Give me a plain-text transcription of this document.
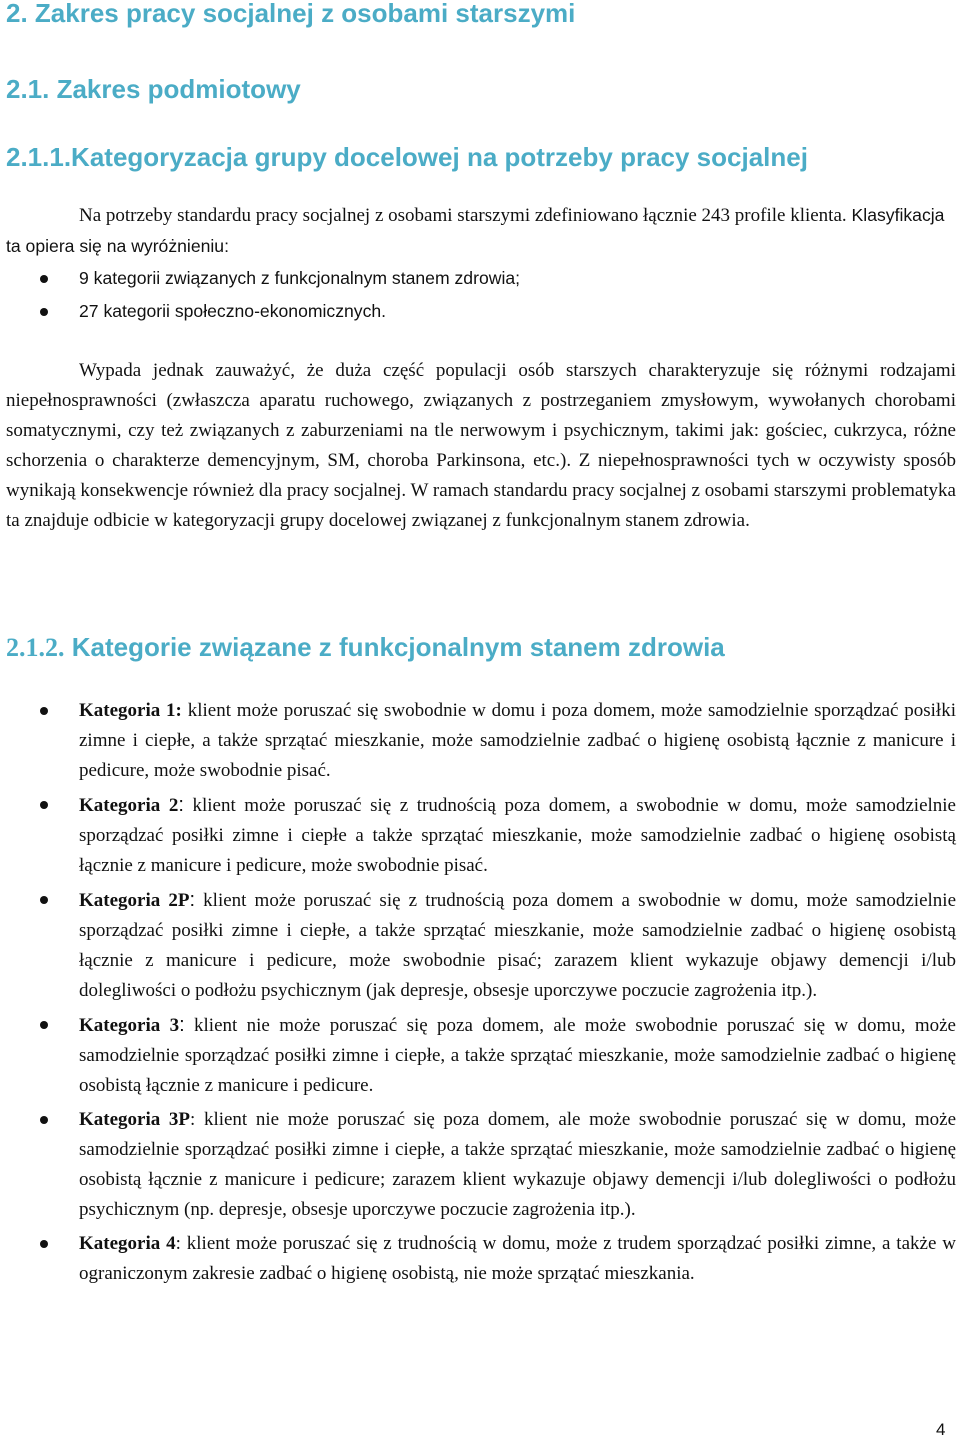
2. Zakres pracy socjalnej z osobami starszymi
2.1. Zakres podmiotowy
2.1.1.Kategoryzacja grupy docelowej na potrzeby pracy socjalnej

Na potrzeby standardu pracy socjalnej z osobami starszymi zdefiniowano łącznie 243 profile klienta. Klasyfikacja ta opiera się na wyróżnieniu:

9 kategorii związanych z funkcjonalnym stanem zdrowia;
27 kategorii społeczno-ekonomicznych.

Wypada jednak zauważyć, że duża część populacji osób starszych charakteryzuje się różnymi rodzajami niepełnosprawności (zwłaszcza aparatu ruchowego, związanych z postrzeganiem zmysłowym, wywołanych chorobami somatycznymi, czy też związanych z zaburzeniami na tle nerwowym i psychicznym, takimi jak: gościec, cukrzyca, różne schorzenia o charakterze demencyjnym, SM, choroba Parkinsona, etc.). Z niepełnosprawności tych w oczywisty sposób wynikają konsekwencje również dla pracy socjalnej. W ramach standardu pracy socjalnej z osobami starszymi problematyka ta znajduje odbicie w kategoryzacji grupy docelowej związanej z funkcjonalnym stanem zdrowia.

2.1.2. Kategorie związane z funkcjonalnym stanem zdrowia
Kategoria 1: klient może poruszać się swobodnie w domu i poza domem, może samodzielnie sporządzać posiłki zimne i ciepłe, a także sprzątać mieszkanie, może samodzielnie zadbać o higienę osobistą łącznie z manicure i pedicure, może swobodnie pisać.
Kategoria 2: klient może poruszać się z trudnością poza domem, a swobodnie w domu, może samodzielnie sporządzać posiłki zimne i ciepłe a także sprzątać mieszkanie, może samodzielnie zadbać o higienę osobistą łącznie z manicure i pedicure, może swobodnie pisać.
Kategoria 2P: klient może poruszać się z trudnością poza domem a swobodnie w domu, może samodzielnie sporządzać posiłki zimne i ciepłe, a także sprzątać mieszkanie, może samodzielnie zadbać o higienę osobistą łącznie z manicure i pedicure, może swobodnie pisać; zarazem klient wykazuje objawy demencji i/lub dolegliwości o podłożu psychicznym (jak depresje, obsesje uporczywe poczucie zagrożenia itp.).
Kategoria 3: klient nie może poruszać się poza domem, ale może swobodnie poruszać się w domu, może samodzielnie sporządzać posiłki zimne i ciepłe, a także sprzątać mieszkanie, może samodzielnie zadbać o higienę osobistą łącznie z manicure i pedicure.
Kategoria 3P: klient nie może poruszać się poza domem, ale może swobodnie poruszać się w domu, może samodzielnie sporządzać posiłki zimne i ciepłe, a także sprzątać mieszkanie, może samodzielnie zadbać o higienę osobistą łącznie z manicure i pedicure; zarazem klient wykazuje objawy demencji i/lub dolegliwości o podłożu psychicznym (np. depresje, obsesje uporczywe poczucie zagrożenia itp.).
Kategoria 4: klient może poruszać się z trudnością w domu, może z trudem sporządzać posiłki zimne, a także w ograniczonym zakresie zadbać o higienę osobistą, nie może sprzątać mieszkania.
4
